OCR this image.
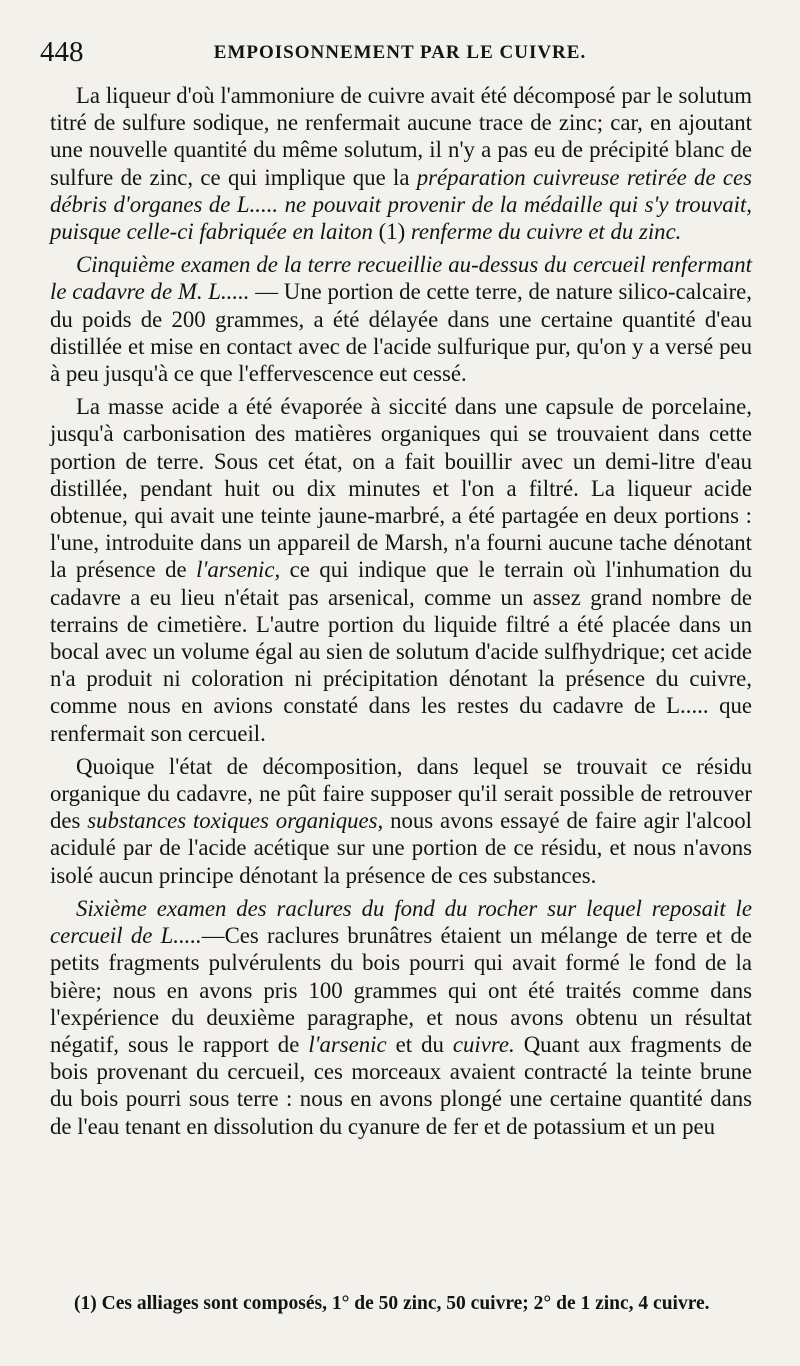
448	EMPOISONNEMENT PAR LE CUIVRE.

La liqueur d'où l'ammoniure de cuivre avait été décomposé par le solutum titré de sulfure sodique, ne renfermait aucune trace de zinc; car, en ajoutant une nouvelle quantité du même solutum, il n'y a pas eu de précipité blanc de sulfure de zinc, ce qui implique que la préparation cuivreuse retirée de ces débris d'organes de L..... ne pouvait provenir de la médaille qui s'y trouvait, puisque celle-ci fabriquée en laiton (1) renferme du cuivre et du zinc.

Cinquième examen de la terre recueillie au-dessus du cercueil renfermant le cadavre de M. L..... — Une portion de cette terre, de nature silico-calcaire, du poids de 200 grammes, a été délayée dans une certaine quantité d'eau distillée et mise en contact avec de l'acide sulfurique pur, qu'on y a versé peu à peu jusqu'à ce que l'effervescence eut cessé.

La masse acide a été évaporée à siccité dans une capsule de porcelaine, jusqu'à carbonisation des matières organiques qui se trouvaient dans cette portion de terre. Sous cet état, on a fait bouillir avec un demi-litre d'eau distillée, pendant huit ou dix minutes et l'on a filtré. La liqueur acide obtenue, qui avait une teinte jaune-marbré, a été partagée en deux portions : l'une, introduite dans un appareil de Marsh, n'a fourni aucune tache dénotant la présence de l'arsenic, ce qui indique que le terrain où l'inhumation du cadavre a eu lieu n'était pas arsenical, comme un assez grand nombre de terrains de cimetière. L'autre portion du liquide filtré a été placée dans un bocal avec un volume égal au sien de solutum d'acide sulfhydrique; cet acide n'a produit ni coloration ni précipitation dénotant la présence du cuivre, comme nous en avions constaté dans les restes du cadavre de L..... que renfermait son cercueil.

Quoique l'état de décomposition, dans lequel se trouvait ce résidu organique du cadavre, ne pût faire supposer qu'il serait possible de retrouver des substances toxiques organiques, nous avons essayé de faire agir l'alcool acidulé par de l'acide acétique sur une portion de ce résidu, et nous n'avons isolé aucun principe dénotant la présence de ces substances.

Sixième examen des raclures du fond du rocher sur lequel reposait le cercueil de L.....—Ces raclures brunâtres étaient un mélange de terre et de petits fragments pulvérulents du bois pourri qui avait formé le fond de la bière; nous en avons pris 100 grammes qui ont été traités comme dans l'expérience du deuxième paragraphe, et nous avons obtenu un résultat négatif, sous le rapport de l'arsenic et du cuivre. Quant aux fragments de bois provenant du cercueil, ces morceaux avaient contracté la teinte brune du bois pourri sous terre : nous en avons plongé une certaine quantité dans de l'eau tenant en dissolution du cyanure de fer et de potassium et un peu

(1) Ces alliages sont composés, 1° de 50 zinc, 50 cuivre; 2° de 1 zinc, 4 cuivre.
